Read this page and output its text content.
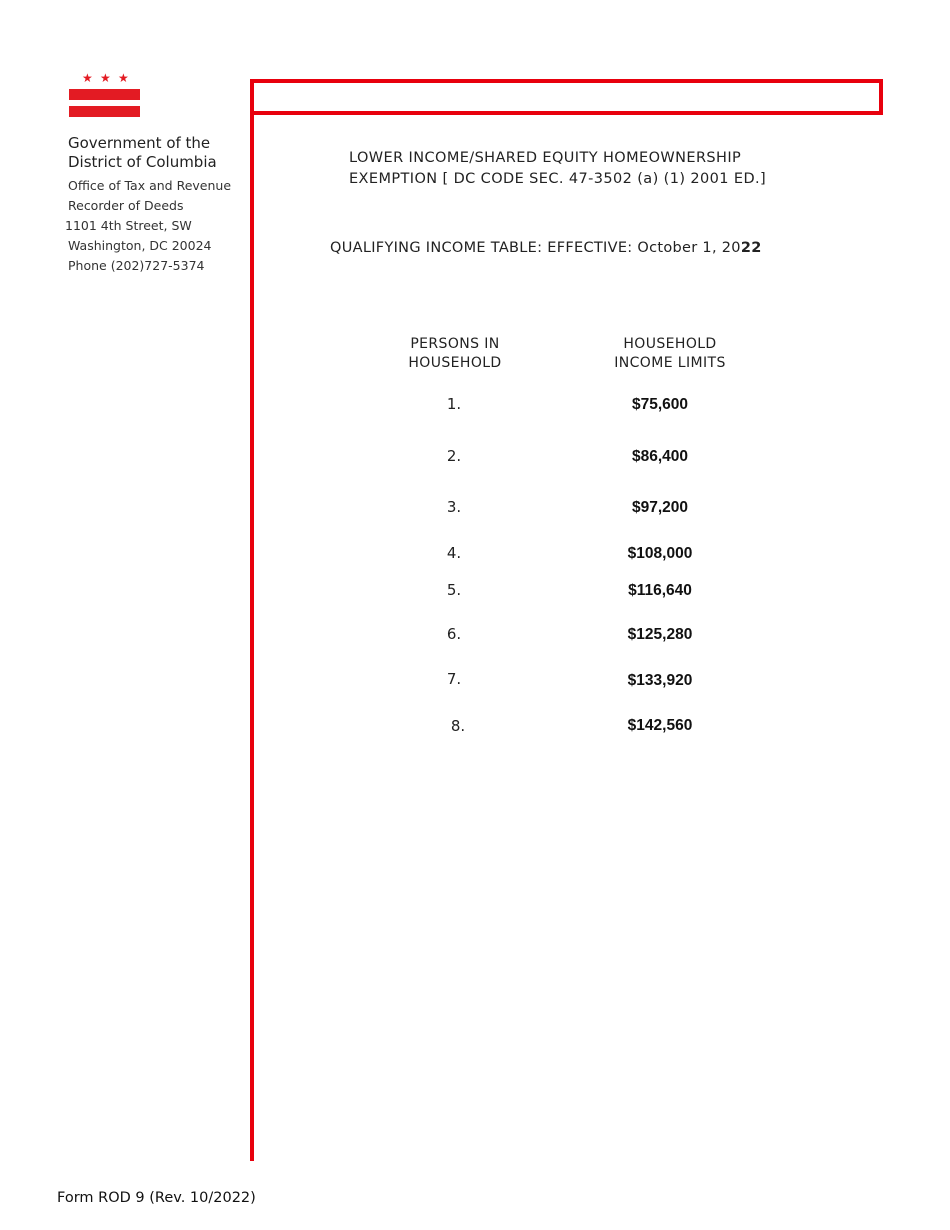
★ ★ ★
Government of the
District of Columbia
Office of Tax and Revenue
Recorder of Deeds
1101 4th Street, SW
Washington, DC 20024
Phone (202)727-5374
LOWER INCOME/SHARED EQUITY HOMEOWNERSHIP
EXEMPTION [ DC CODE SEC. 47-3502 (a) (1) 2001 ED.]
QUALIFYING INCOME TABLE: EFFECTIVE: October 1, 2022
PERSONS IN
HOUSEHOLD
HOUSEHOLD
INCOME LIMITS
1.	$75,600
2.	$86,400
3.	$97,200
4.	$108,000
5.	$116,640
6.	$125,280
7.	$133,920
8.	$142,560
Form ROD 9 (Rev. 10/2022)
